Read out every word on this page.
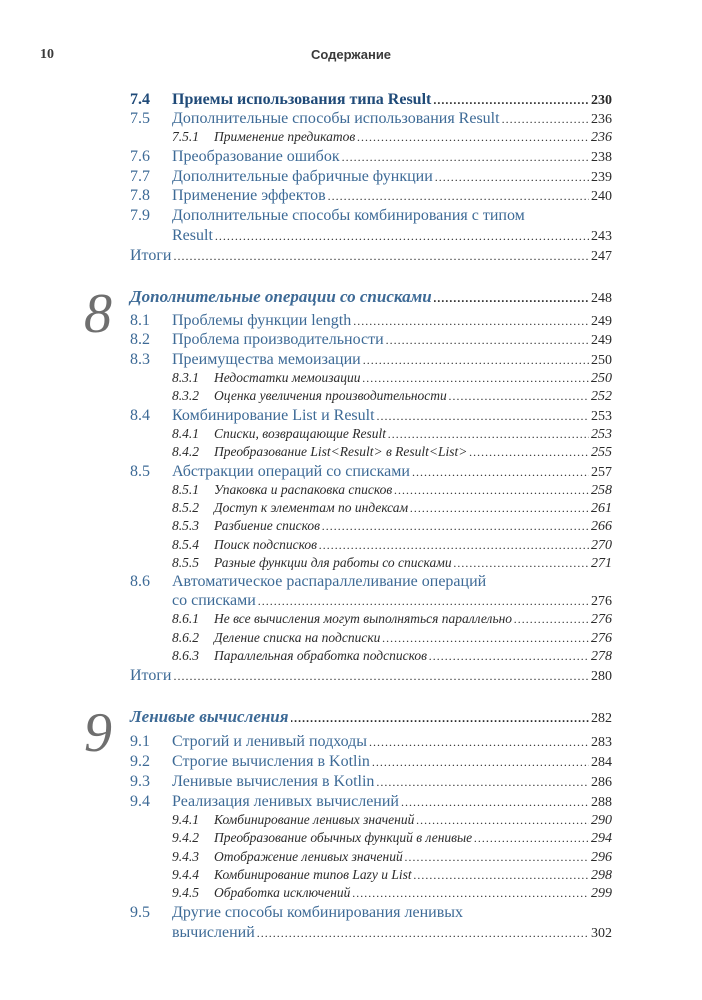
10	Содержание
7.4	Приемы использования типа Result .....	230
7.5	Дополнительные способы использования Result .....	236
7.5.1	Применение предикатов .....	236
7.6	Преобразование ошибок .....	238
7.7	Дополнительные фабричные функции .....	239
7.8	Применение эффектов .....	240
7.9	Дополнительные способы комбинирования с типом
Result .....	243
Итоги .....	247
8 Дополнительные операции со списками .....	248
8.1	Проблемы функции length .....	249
8.2	Проблема производительности .....	249
8.3	Преимущества мемоизации .....	250
8.3.1	Недостатки мемоизации .....	250
8.3.2	Оценка увеличения производительности .....	252
8.4	Комбинирование List и Result .....	253
8.4.1	Списки, возвращающие Result .....	253
8.4.2	Преобразование List<Result> в Result<List> .....	255
8.5	Абстракции операций со списками .....	257
8.5.1	Упаковка и распаковка списков .....	258
8.5.2	Доступ к элементам по индексам .....	261
8.5.3	Разбиение списков .....	266
8.5.4	Поиск подсписков .....	270
8.5.5	Разные функции для работы со списками .....	271
8.6	Автоматическое распараллеливание операций
со списками .....	276
8.6.1	Не все вычисления могут выполняться параллельно .....	276
8.6.2	Деление списка на подсписки .....	276
8.6.3	Параллельная обработка подсписков .....	278
Итоги .....	280
9 Ленивые вычисления .....	282
9.1	Строгий и ленивый подходы .....	283
9.2	Строгие вычисления в Kotlin .....	284
9.3	Ленивые вычисления в Kotlin .....	286
9.4	Реализация ленивых вычислений .....	288
9.4.1	Комбинирование ленивых значений .....	290
9.4.2	Преобразование обычных функций в ленивые .....	294
9.4.3	Отображение ленивых значений .....	296
9.4.4	Комбинирование типов Lazy и List .....	298
9.4.5	Обработка исключений .....	299
9.5	Другие способы комбинирования ленивых
вычислений .....	302
